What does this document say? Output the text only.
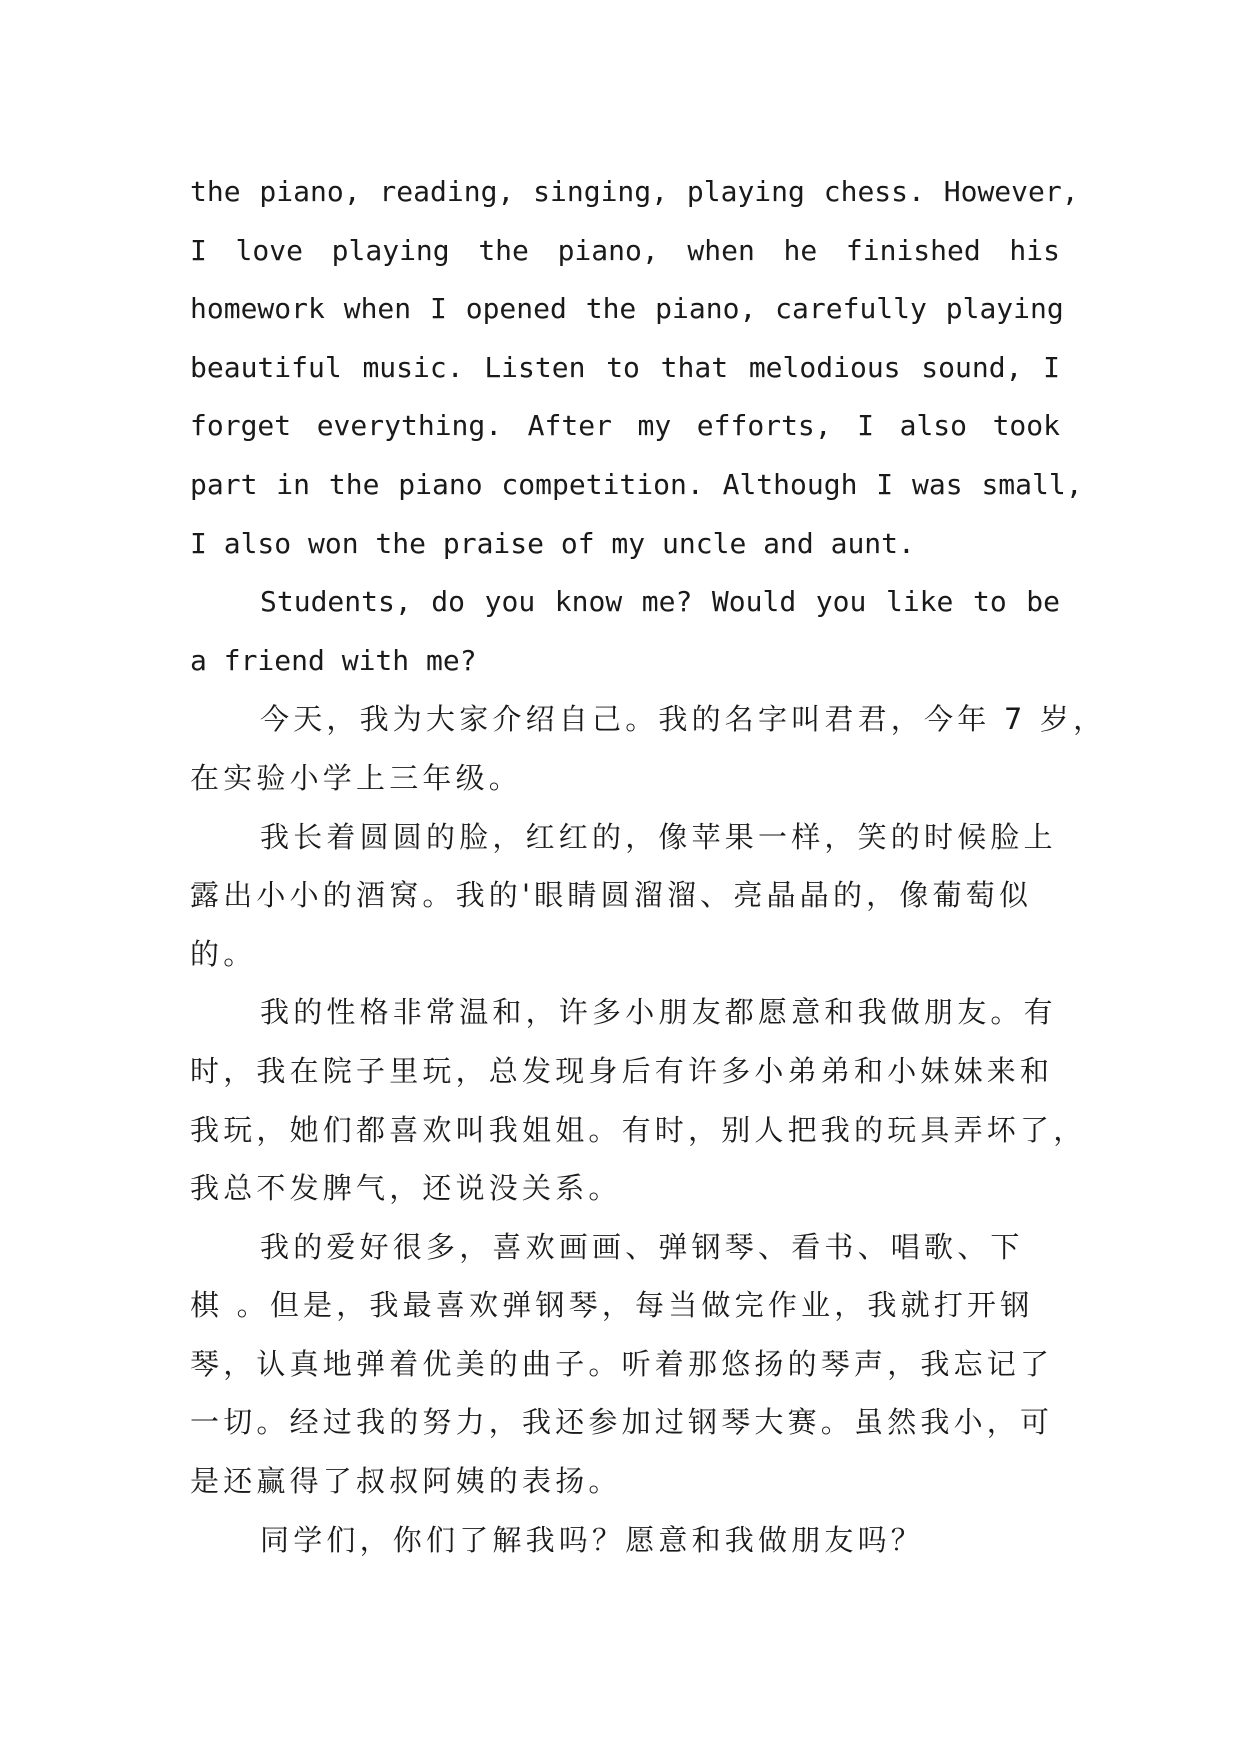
the piano, reading, singing, playing chess. However,
I love playing the piano, when he finished his
homework when I opened the piano, carefully playing
beautiful music. Listen to that melodious sound, I
forget everything. After my efforts, I also took
part in the piano competition. Although I was small,
I also won the praise of my uncle and aunt.
Students, do you know me? Would you like to be
a friend with me?
今天，我为大家介绍自己。我的名字叫君君，今年 7 岁，
在实验小学上三年级。
我长着圆圆的脸，红红的，像苹果一样，笑的时候脸上
露出小小的酒窝。我的'眼睛圆溜溜、亮晶晶的，像葡萄似
的。
我的性格非常温和，许多小朋友都愿意和我做朋友。有
时，我在院子里玩，总发现身后有许多小弟弟和小妹妹来和
我玩，她们都喜欢叫我姐姐。有时，别人把我的玩具弄坏了，
我总不发脾气，还说没关系。
我的爱好很多，喜欢画画、弹钢琴、看书、唱歌、下
棋 。但是，我最喜欢弹钢琴，每当做完作业，我就打开钢
琴，认真地弹着优美的曲子。听着那悠扬的琴声，我忘记了
一切。经过我的努力，我还参加过钢琴大赛。虽然我小，可
是还赢得了叔叔阿姨的表扬。
同学们，你们了解我吗？愿意和我做朋友吗？
